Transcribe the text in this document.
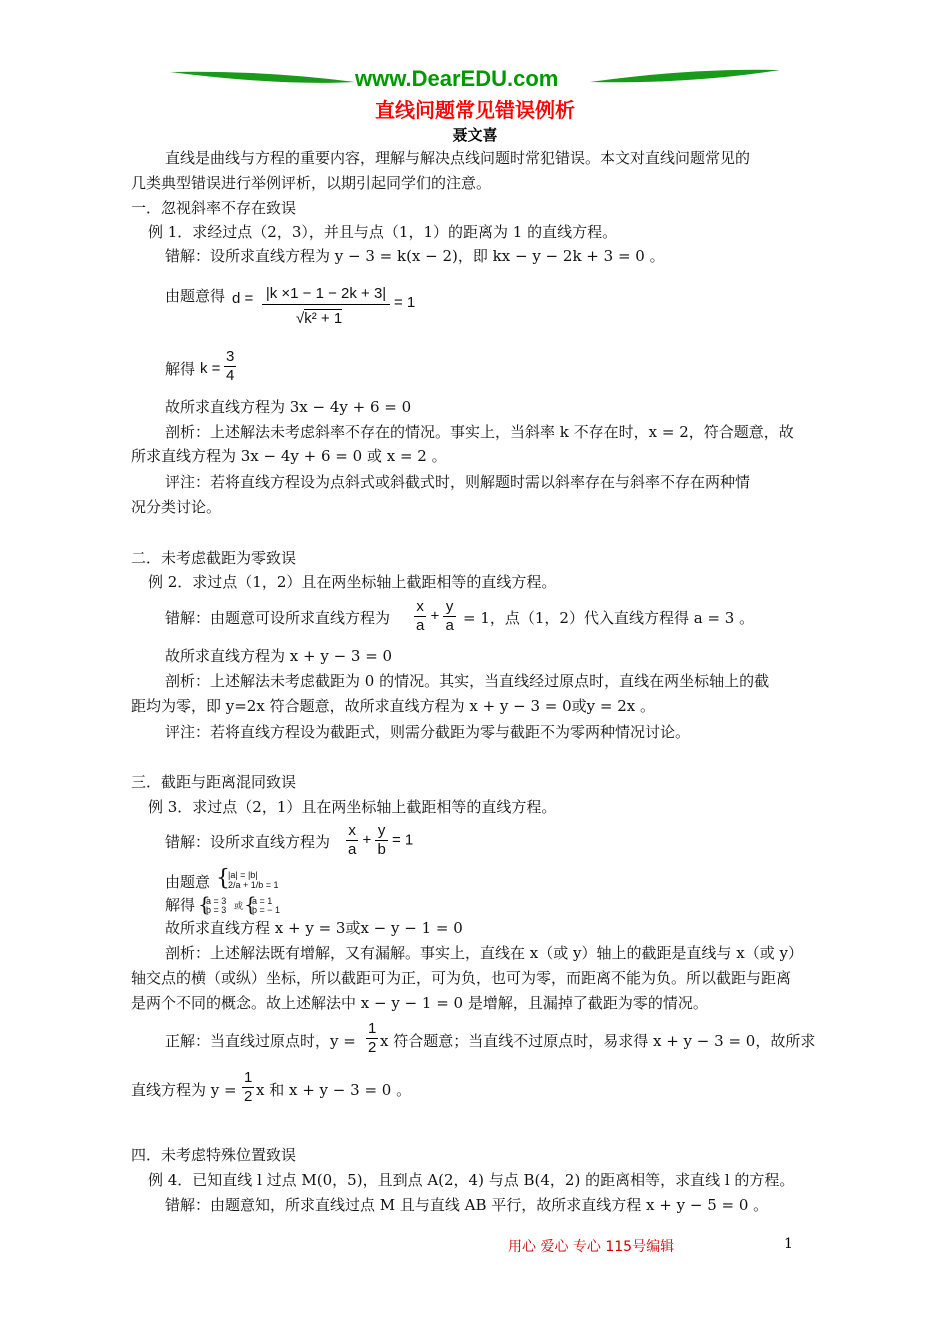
www.DearEDU.com
直线问题常见错误例析
聂文喜
直线是曲线与方程的重要内容，理解与解决点线问题时常犯错误。本文对直线问题常见的
几类典型错误进行举例评析，以期引起同学们的注意。
一．忽视斜率不存在致误
例 1．求经过点（2，3），并且与点（1，1）的距离为 1 的直线方程。
错解：设所求直线方程为 y − 3 = k(x − 2)，即 kx − y − 2k + 3 = 0 。
由题意得 d = |k ×1 − 1 − 2k + 3|
√k² + 1
= 1
解得 $k = \frac{3}{4}$
故所求直线方程为 3x − 4y + 6 = 0
剖析：上述解法未考虑斜率不存在的情况。事实上，当斜率 k 不存在时，x = 2，符合题意，故
所求直线方程为 3x − 4y + 6 = 0 或 x = 2 。
评注：若将直线方程设为点斜式或斜截式时，则解题时需以斜率存在与斜率不存在两种情
况分类讨论。
二．未考虑截距为零致误
例 2．求过点（1，2）且在两坐标轴上截距相等的直线方程。
错解：由题意可设所求直线方程为 $\frac{x}{a} + \frac{y}{a} = 1$，点（1，2）代入直线方程得 a = 3 。
故所求直线方程为 x + y − 3 = 0
剖析：上述解法未考虑截距为 0 的情况。其实，当直线经过原点时，直线在两坐标轴上的截
距均为零，即 y=2x 符合题意，故所求直线方程为 x + y − 3 = 0或y = 2x 。
评注：若将直线方程设为截距式，则需分截距为零与截距不为零两种情况讨论。
三．截距与距离混同致误
例 3．求过点（2，1）且在两坐标轴上截距相等的直线方程。
错解：设所求直线方程为 $\frac{x}{a} + \frac{y}{b} = 1$
由题意 {
|a| = |b|
2/a + 1/b = 1
解得 {
a = 3
b = 3 或 {
a = 1
b = − 1
故所求直线方程 x + y = 3或x − y − 1 = 0
剖析：上述解法既有增解，又有漏解。事实上，直线在 x（或 y）轴上的截距是直线与 x（或 y）
轴交点的横（或纵）坐标，所以截距可为正，可为负，也可为零，而距离不能为负。所以截距与距离
是两个不同的概念。故上述解法中 x − y − 1 = 0 是增解，且漏掉了截距为零的情况。
正解：当直线过原点时，$y = \frac{1}{2}$ x 符合题意；当直线不过原点时，易求得 x + y − 3 = 0，故所求
直线方程为 $y = \frac{1}{2}$ x 和 x + y − 3 = 0 。
四．未考虑特殊位置致误
例 4．已知直线 l 过点 M(0，5)，且到点 A(2，4) 与点 B(4，2) 的距离相等，求直线 l 的方程。
错解：由题意知，所求直线过点 M 且与直线 AB 平行，故所求直线方程 x + y − 5 = 0 。
用心 爱心 专心 115号编辑	1
